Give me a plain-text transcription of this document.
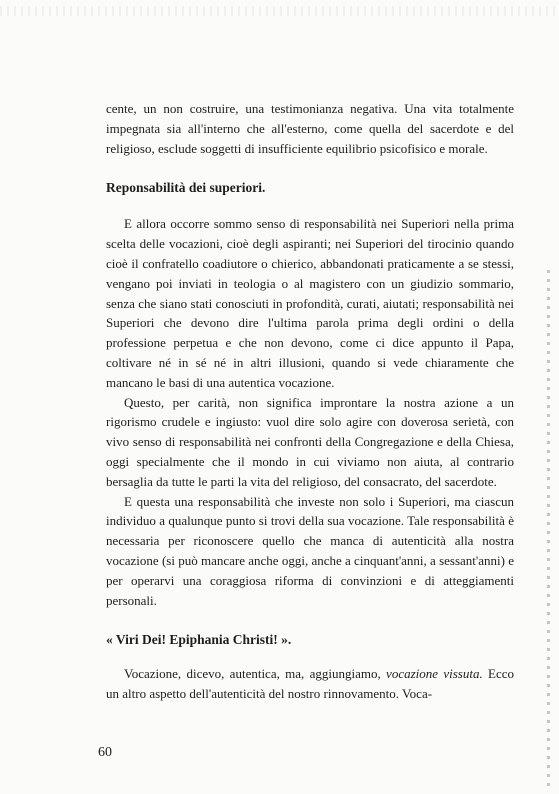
cente, un non costruire, una testimonianza negativa. Una vita totalmente impegnata sia all'interno che all'esterno, come quella del sacerdote e del religioso, esclude soggetti di insufficiente equilibrio psicofisico e morale.

Reponsabilità dei superiori.

E allora occorre sommo senso di responsabilità nei Superiori nella prima scelta delle vocazioni, cioè degli aspiranti; nei Superiori del tirocinio quando cioè il confratello coadiutore o chierico, abbandonati praticamente a se stessi, vengano poi inviati in teologia o al magistero con un giudizio sommario, senza che siano stati conosciuti in profondità, curati, aiutati; responsabilità nei Superiori che devono dire l'ultima parola prima degli ordini o della professione perpetua e che non devono, come ci dice appunto il Papa, coltivare né in sé né in altri illusioni, quando si vede chiaramente che mancano le basi di una autentica vocazione.

Questo, per carità, non significa improntare la nostra azione a un rigorismo crudele e ingiusto: vuol dire solo agire con doverosa serietà, con vivo senso di responsabilità nei confronti della Congregazione e della Chiesa, oggi specialmente che il mondo in cui viviamo non aiuta, al contrario bersaglia da tutte le parti la vita del religioso, del consacrato, del sacerdote.

E questa una responsabilità che investe non solo i Superiori, ma ciascun individuo a qualunque punto si trovi della sua vocazione. Tale responsabilità è necessaria per riconoscere quello che manca di autenticità alla nostra vocazione (si può mancare anche oggi, anche a cinquant'anni, a sessant'anni) e per operarvi una coraggiosa riforma di convinzioni e di atteggiamenti personali.

« Viri Dei! Epiphania Christi! ».

Vocazione, dicevo, autentica, ma, aggiungiamo, vocazione vissuta. Ecco un altro aspetto dell'autenticità del nostro rinnovamento. Voca-

60
